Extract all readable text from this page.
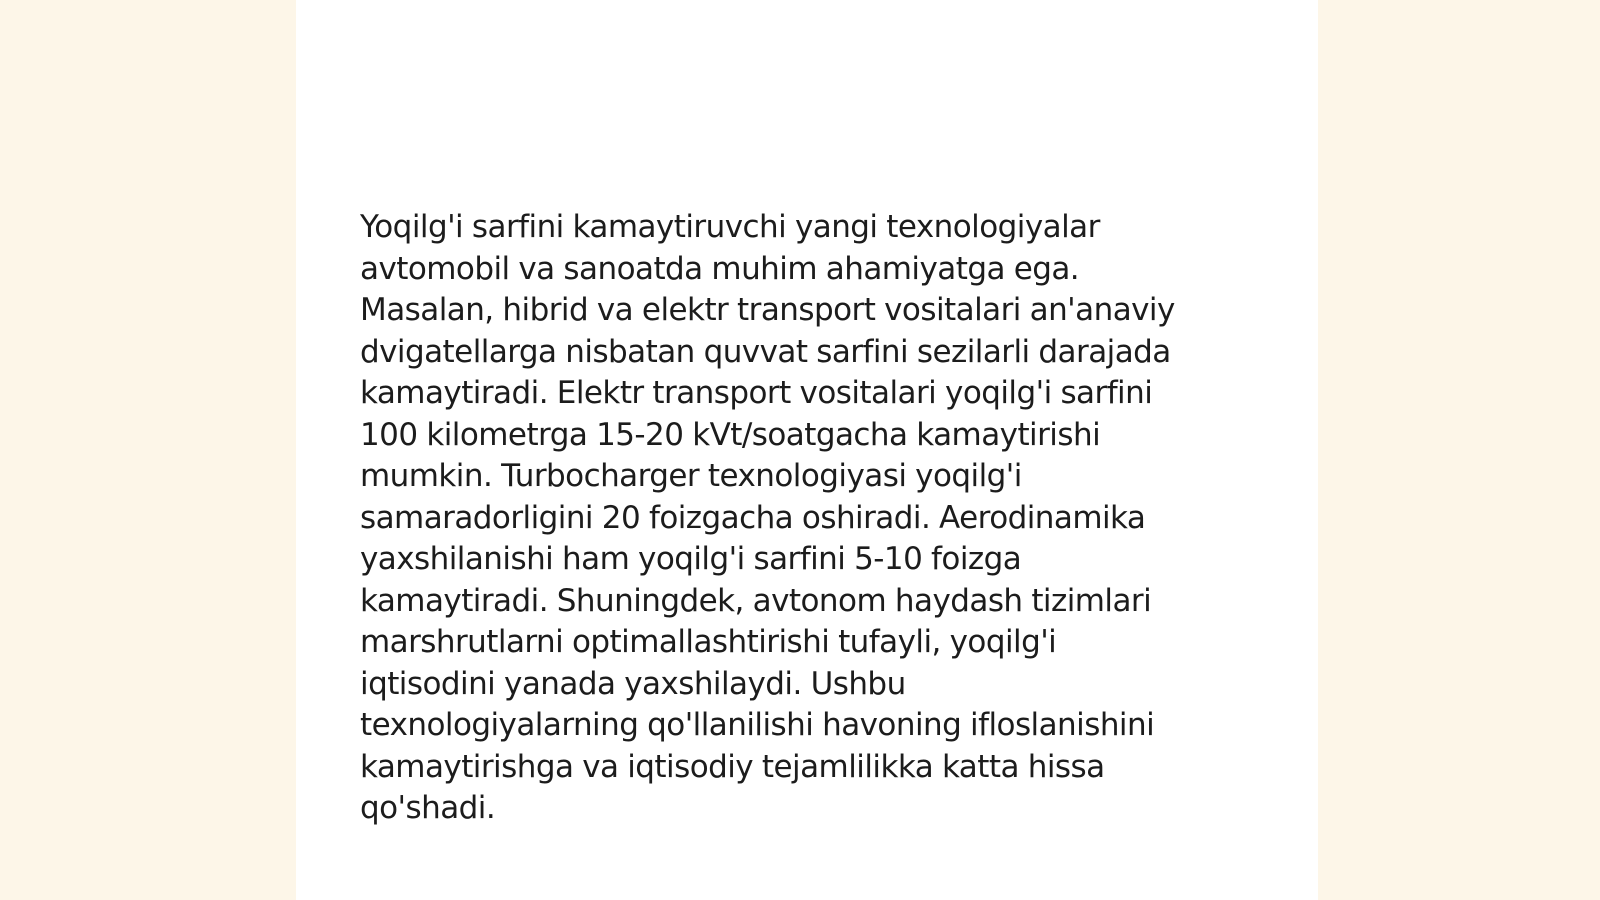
Yoqilg'i sarfini kamaytiruvchi yangi texnologiyalar
avtomobil va sanoatda muhim ahamiyatga ega.
Masalan, hibrid va elektr transport vositalari an'anaviy
dvigatellarga nisbatan quvvat sarfini sezilarli darajada
kamaytiradi. Elektr transport vositalari yoqilg'i sarfini
100 kilometrga 15-20 kVt/soatgacha kamaytirishi
mumkin. Turbocharger texnologiyasi yoqilg'i
samaradorligini 20 foizgacha oshiradi. Aerodinamika
yaxshilanishi ham yoqilg'i sarfini 5-10 foizga
kamaytiradi. Shuningdek, avtonom haydash tizimlari
marshrutlarni optimallashtirishi tufayli, yoqilg'i
iqtisodini yanada yaxshilaydi. Ushbu
texnologiyalarning qo'llanilishi havoning ifloslanishini
kamaytirishga va iqtisodiy tejamlilikka katta hissa
qo'shadi.
